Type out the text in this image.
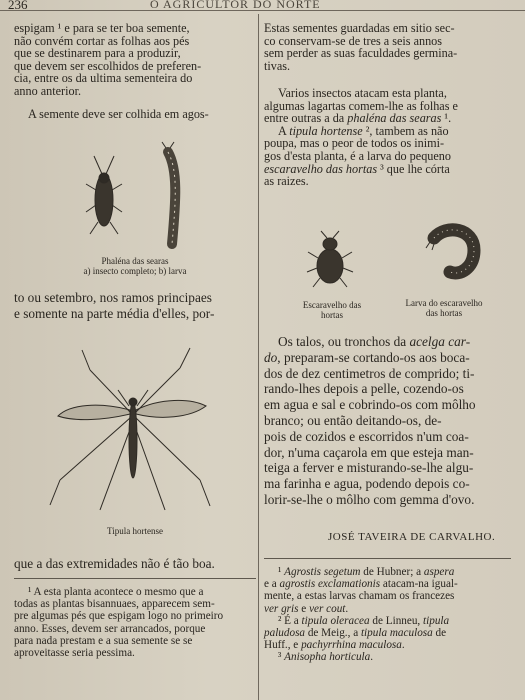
236	O AGRICULTOR DO NORTE

espigam ¹ e para se ter boa semente,

não convém cortar as folhas aos pés

que se destinarem para a produzir,

que devem ser escolhidos de preferen-

cia, entre os da ultima sementeira do

anno anterior.

A semente deve ser colhida em agos-

Phaléna das searas

a) insecto completo; b) larva

to ou setembro, nos ramos principaes

e somente na parte média d'elles, por-

Tipula hortense

que a das extremidades não é tão boa.

¹ A esta planta acontece o mesmo que a

todas as plantas bisannuaes, apparecem sem-

pre algumas pés que espigam logo no primeiro

anno. Esses, devem ser arrancados, porque

para nada prestam e a sua semente se se

aproveitasse seria pessima.

Estas sementes guardadas em sitio sec-

co conservam-se de tres a seis annos

sem perder as suas faculdades germina-

tivas.

Varios insectos atacam esta planta,

algumas lagartas comem-lhe as folhas e

entre outras a da phaléna das searas ¹.

A tipula hortense ², tambem as não

poupa, mas o peor de todos os inimi-

gos d'esta planta, é a larva do pequeno

escaravelho das hortas ³ que lhe córta

as raizes.

Escaravelho das

hortas

Larva do escaravelho

das hortas

Os talos, ou tronchos da acelga car-

do, preparam-se cortando-os aos boca-

dos de dez centimetros de comprido; ti-

rando-lhes depois a pelle, cozendo-os

em agua e sal e cobrindo-os com môlho

branco; ou então deitando-os, de-

pois de cozidos e escorridos n'um coa-

dor, n'uma caçarola em que esteja man-

teiga a ferver e misturando-se-lhe algu-

ma farinha e agua, podendo depois co-

lorir-se-lhe o môlho com gemma d'ovo.

JOSÉ TAVEIRA DE CARVALHO.

¹ Agrostis segetum de Hubner; a aspera

e a agrostis exclamationis atacam-na igual-

mente, a estas larvas chamam os francezes

ver gris e ver cout.

² É a tipula oleracea de Linneu, tipula

paludosa de Meig., a tipula maculosa de

Huff., e pachyrrhina maculosa.

³ Anisopha horticula.
